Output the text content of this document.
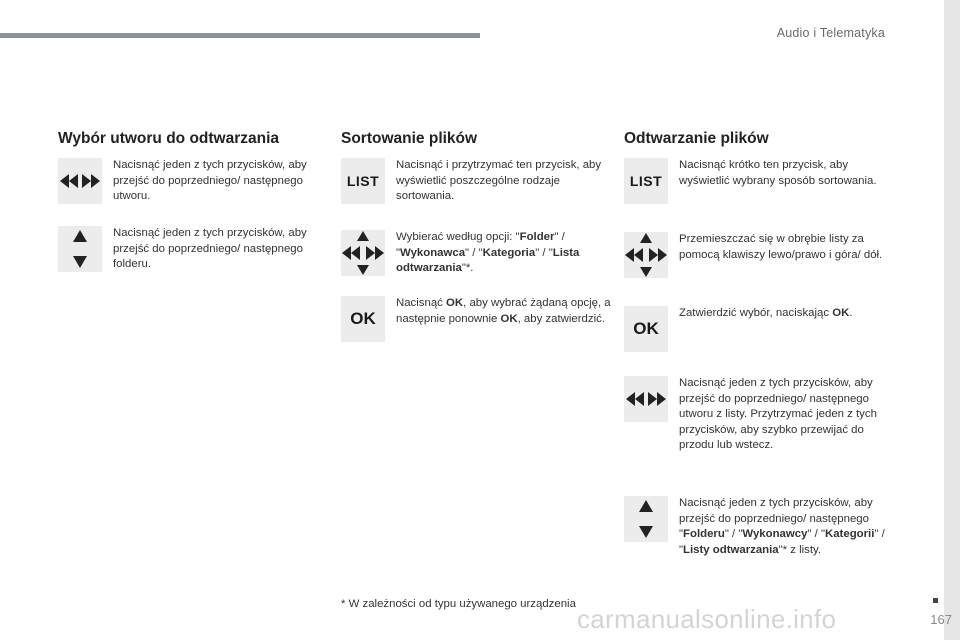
Audio i Telematyka
167
Wybór utworu do odtwarzania
Nacisnąć jeden z tych przycisków, aby przejść do poprzedniego/ następnego utworu.
Nacisnąć jeden z tych przycisków, aby przejść do poprzedniego/ następnego folderu.
Sortowanie plików
LIST
Nacisnąć i przytrzymać ten przycisk, aby wyświetlić poszczególne rodzaje sortowania.
Wybierać według opcji: "Folder" / "Wykonawca" / "Kategoria" / "Lista odtwarzania"*.
OK
Nacisnąć OK, aby wybrać żądaną opcję, a następnie ponownie OK, aby zatwierdzić.
Odtwarzanie plików
LIST
Nacisnąć krótko ten przycisk, aby wyświetlić wybrany sposób sortowania.
Przemieszczać się w obrębie listy za pomocą klawiszy lewo/prawo i góra/ dół.
OK
Zatwierdzić wybór, naciskając OK.
Nacisnąć jeden z tych przycisków, aby przejść do poprzedniego/ następnego utworu z listy. Przytrzymać jeden z tych przycisków, aby szybko przewijać do przodu lub wstecz.
Nacisnąć jeden z tych przycisków, aby przejść do poprzedniego/ następnego "Folderu" / "Wykonawcy" / "Kategorii" / "Listy odtwarzania"* z listy.
* W zależności od typu używanego urządzenia carmanualsonline.info
